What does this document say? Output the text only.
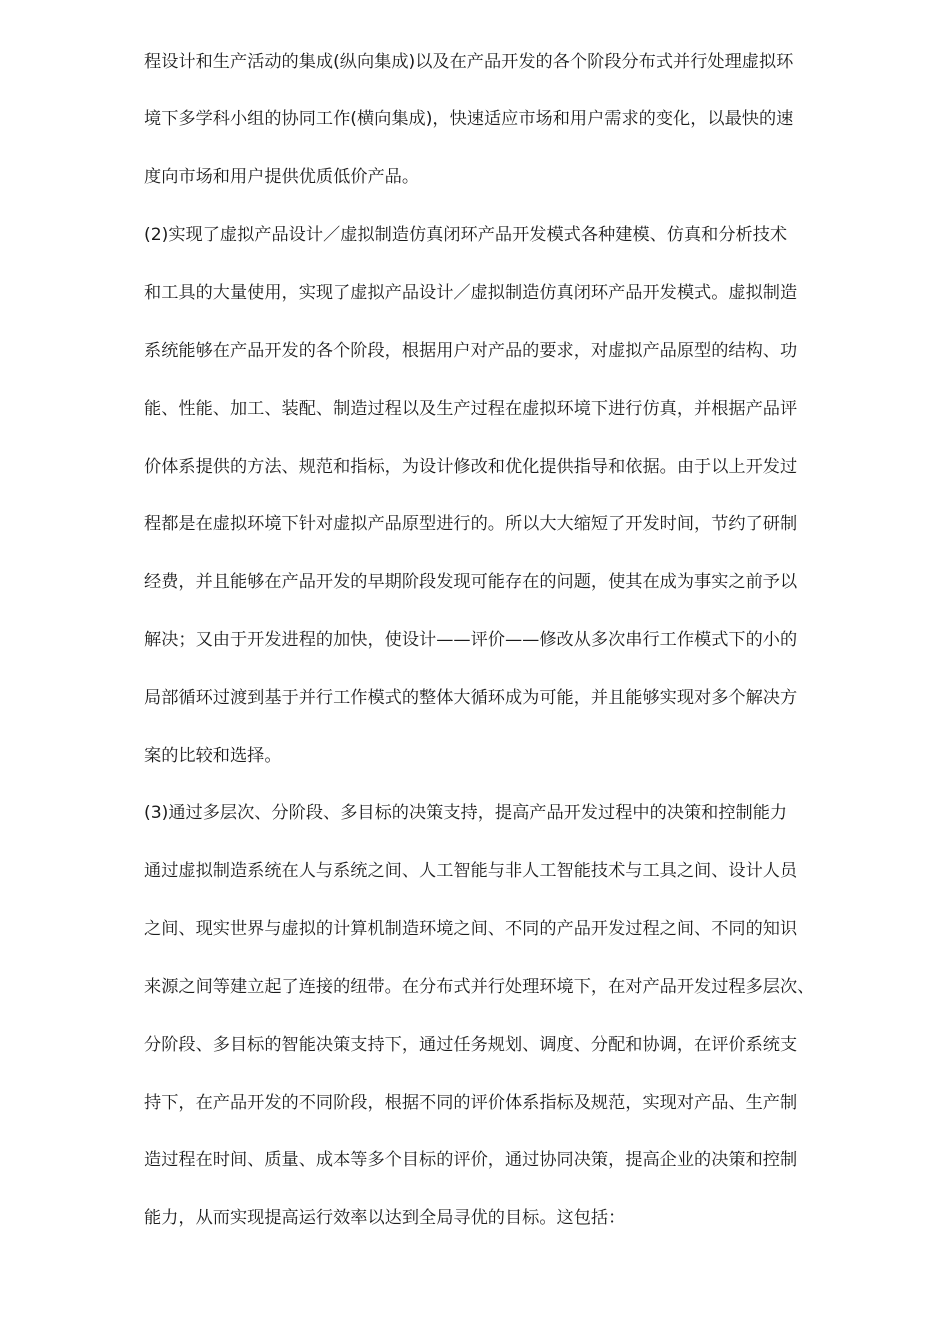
程设计和生产活动的集成(纵向集成)以及在产品开发的各个阶段分布式并行处理虚拟环
境下多学科小组的协同工作(横向集成)，快速适应市场和用户需求的变化，以最快的速
度向市场和用户提供优质低价产品。
(2)实现了虚拟产品设计／虚拟制造仿真闭环产品开发模式各种建模、仿真和分析技术
和工具的大量使用，实现了虚拟产品设计／虚拟制造仿真闭环产品开发模式。虚拟制造
系统能够在产品开发的各个阶段，根据用户对产品的要求，对虚拟产品原型的结构、功
能、性能、加工、装配、制造过程以及生产过程在虚拟环境下进行仿真，并根据产品评
价体系提供的方法、规范和指标，为设计修改和优化提供指导和依据。由于以上开发过
程都是在虚拟环境下针对虚拟产品原型进行的。所以大大缩短了开发时间，节约了研制
经费，并且能够在产品开发的早期阶段发现可能存在的问题，使其在成为事实之前予以
解决；又由于开发进程的加快，使设计——评价——修改从多次串行工作模式下的小的
局部循环过渡到基于并行工作模式的整体大循环成为可能，并且能够实现对多个解决方
案的比较和选择。
(3)通过多层次、分阶段、多目标的决策支持，提高产品开发过程中的决策和控制能力
通过虚拟制造系统在人与系统之间、人工智能与非人工智能技术与工具之间、设计人员
之间、现实世界与虚拟的计算机制造环境之间、不同的产品开发过程之间、不同的知识
来源之间等建立起了连接的纽带。在分布式并行处理环境下，在对产品开发过程多层次、
分阶段、多目标的智能决策支持下，通过任务规划、调度、分配和协调，在评价系统支
持下，在产品开发的不同阶段，根据不同的评价体系指标及规范，实现对产品、生产制
造过程在时间、质量、成本等多个目标的评价，通过协同决策，提高企业的决策和控制
能力，从而实现提高运行效率以达到全局寻优的目标。这包括：
